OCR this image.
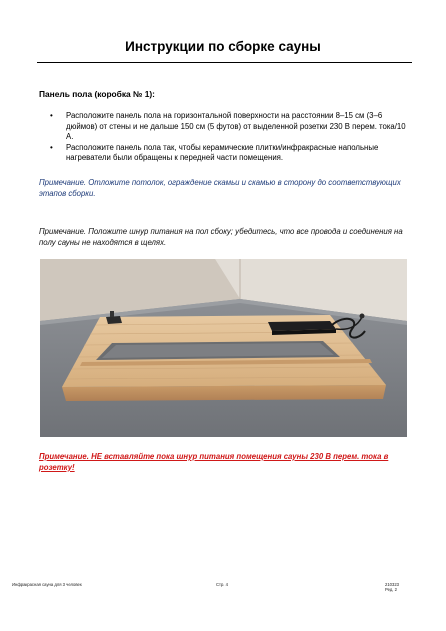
Инструкции по сборке сауны

Панель пола (коробка № 1):

• Расположите панель пола на горизонтальной поверхности на расстоянии 8–15 см (3–6 дюймов) от стены и не дальше 150 см (5 футов) от выделенной розетки 230 В перем. тока/10 А.
• Расположите панель пола так, чтобы керамические плитки/инфракрасные напольные нагреватели были обращены к передней части помещения.

Примечание. Отложите потолок, ограждение скамьи и скамью в сторону до соответствующих этапов сборки.

Примечание. Положите шнур питания на пол сбоку; убедитесь, что все провода и соединения на полу сауны не находятся в щелях.

Примечание. НЕ вставляйте пока шнур питания помещения сауны 230 В перем. тока в розетку!

Инфракрасная сауна для 3 человек	Стр. 4	210323
Ред. 2
